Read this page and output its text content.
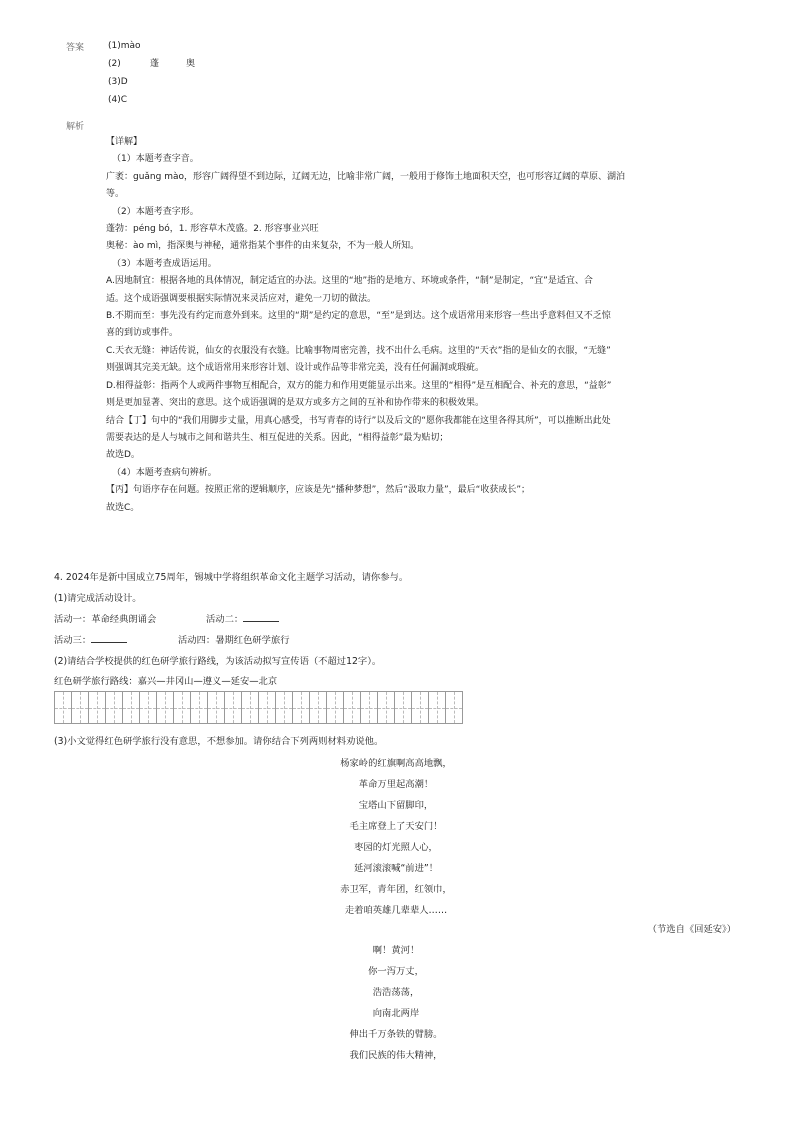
答案	(1)mào
(2)	蓬	奥
(3)D
(4)C
解析

【详解】

（1）本题考查字音。

广袤：guǎng mào，形容广阔得望不到边际，辽阔无边，比喻非常广阔，一般用于修饰土地面积天空，也可形容辽阔的草原、湖泊

等。

（2）本题考查字形。

蓬勃：péng bó，1. 形容草木茂盛。2. 形容事业兴旺

奥秘：ào mì，指深奥与神秘，通常指某个事件的由来复杂，不为一般人所知。

（3）本题考查成语运用。

A.因地制宜：根据各地的具体情况，制定适宜的办法。这里的“地”指的是地方、环境或条件，“制”是制定，“宜”是适宜、合

适。这个成语强调要根据实际情况来灵活应对，避免一刀切的做法。

B.不期而至：事先没有约定而意外到来。这里的“期”是约定的意思，“至”是到达。这个成语常用来形容一些出乎意料但又不乏惊

喜的到访或事件。

C.天衣无缝：神话传说，仙女的衣服没有衣缝。比喻事物周密完善，找不出什么毛病。这里的“天衣”指的是仙女的衣服，“无缝”

则强调其完美无缺。这个成语常用来形容计划、设计或作品等非常完美，没有任何漏洞或瑕疵。

D.相得益彰：指两个人或两件事物互相配合，双方的能力和作用更能显示出来。这里的“相得”是互相配合、补充的意思，“益彰”

则是更加显著、突出的意思。这个成语强调的是双方或多方之间的互补和协作带来的积极效果。

结合【丁】句中的“我们用脚步丈量，用真心感受，书写青春的诗行”以及后文的“愿你我都能在这里各得其所”，可以推断出此处

需要表达的是人与城市之间和谐共生、相互促进的关系。因此，“相得益彰”最为贴切；

故选D。

（4）本题考查病句辨析。

【丙】句语序存在问题。按照正常的逻辑顺序，应该是先“播种梦想”，然后“汲取力量”，最后“收获成长”；

故选C。

4. 2024年是新中国成立75周年，锡城中学将组织革命文化主题学习活动，请你参与。
(1)请完成活动设计。
活动一：革命经典朗诵会	活动二：
活动三：	活动四：暑期红色研学旅行
(2)请结合学校提供的红色研学旅行路线，为该活动拟写宣传语（不超过12字）。
红色研学旅行路线：嘉兴—井冈山—遵义—延安—北京
(3)小文觉得红色研学旅行没有意思，不想参加。请你结合下列两则材料劝说他。
杨家岭的红旗啊高高地飘，
革命万里起高潮！
宝塔山下留脚印，
毛主席登上了天安门！
枣园的灯光照人心，
延河滚滚喊“前进”！
赤卫军，青年团，红领巾，
走着咱英雄几辈辈人……
（节选自《回延安》）
啊！黄河！
你一泻万丈，
浩浩荡荡，
向南北两岸
伸出千万条铁的臂膀。
我们民族的伟大精神，
